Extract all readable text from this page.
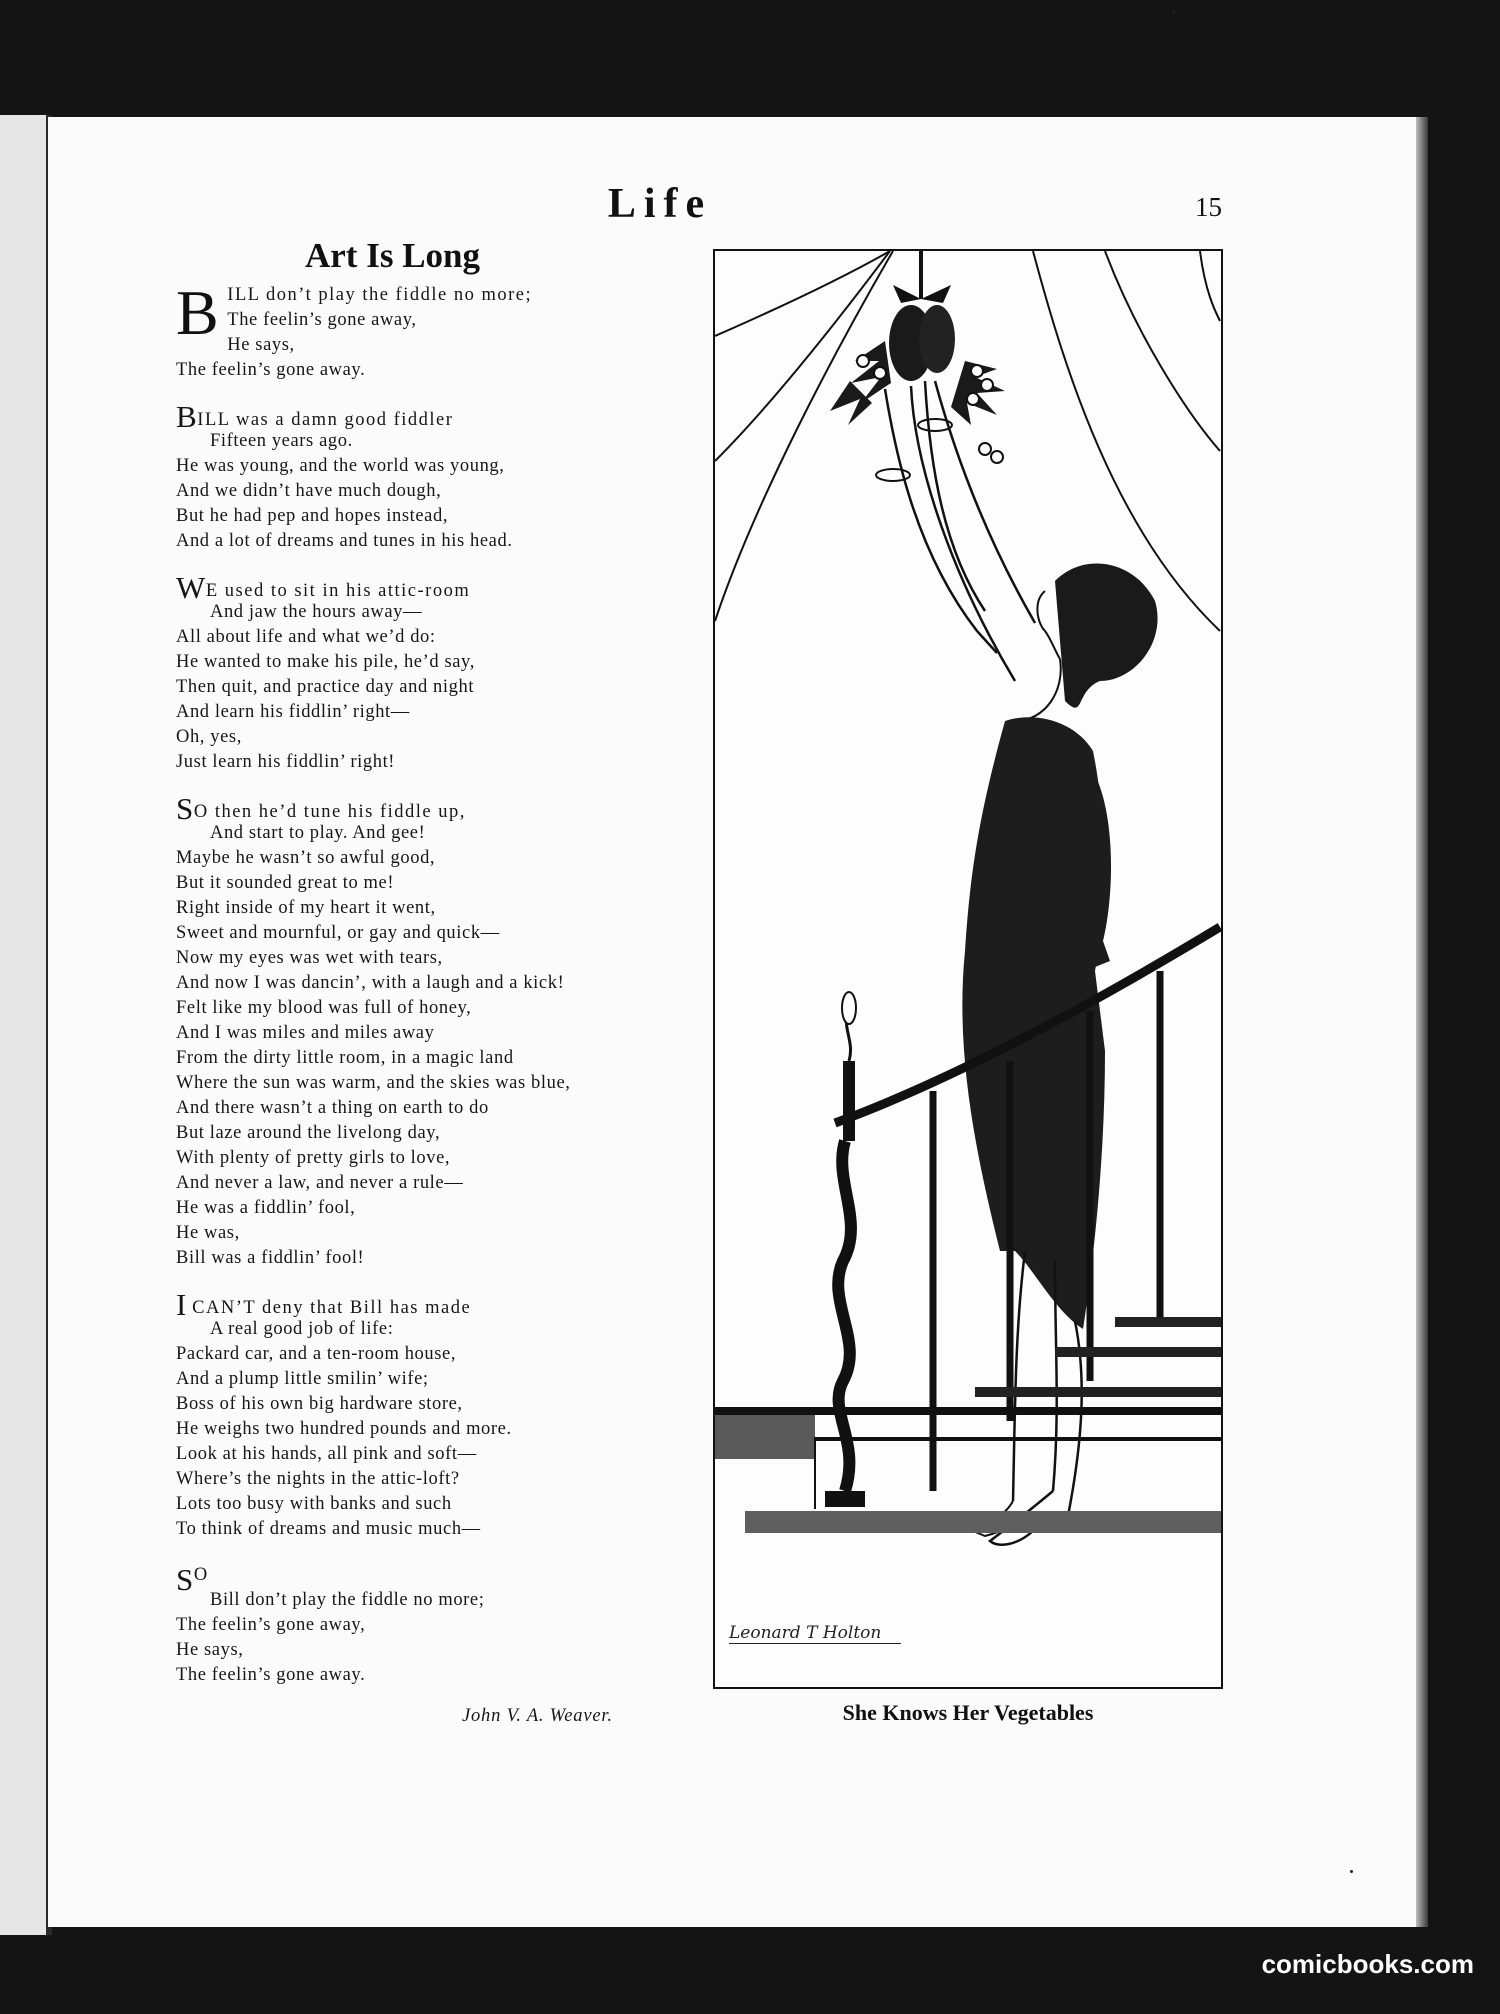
Life	15
Art Is Long
B ILL don’t play the fiddle no more;
The feelin’s gone away,
He says,
The feelin’s gone away.
BILL was a damn good fiddler
Fifteen years ago.
He was young, and the world was young,
And we didn’t have much dough,
But he had pep and hopes instead,
And a lot of dreams and tunes in his head.
WE used to sit in his attic-room
And jaw the hours away—
All about life and what we’d do:
He wanted to make his pile, he’d say,
Then quit, and practice day and night
And learn his fiddlin’ right—
Oh, yes,
Just learn his fiddlin’ right!
SO then he’d tune his fiddle up,
And start to play. And gee!
Maybe he wasn’t so awful good,
But it sounded great to me!
Right inside of my heart it went,
Sweet and mournful, or gay and quick—
Now my eyes was wet with tears,
And now I was dancin’, with a laugh and a kick!
Felt like my blood was full of honey,
And I was miles and miles away
From the dirty little room, in a magic land
Where the sun was warm, and the skies was blue,
And there wasn’t a thing on earth to do
But laze around the livelong day,
With plenty of pretty girls to love,
And never a law, and never a rule—
He was a fiddlin’ fool,
He was,
Bill was a fiddlin’ fool!
I CAN’T deny that Bill has made
A real good job of life:
Packard car, and a ten-room house,
And a plump little smilin’ wife;
Boss of his own big hardware store,
He weighs two hundred pounds and more.
Look at his hands, all pink and soft—
Where’s the nights in the attic-loft?
Lots too busy with banks and such
To think of dreams and music much—
SO
Bill don’t play the fiddle no more;
The feelin’s gone away,
He says,
The feelin’s gone away.
John V. A. Weaver.
Leonard T Holton
She Knows Her Vegetables
comicbooks.com
